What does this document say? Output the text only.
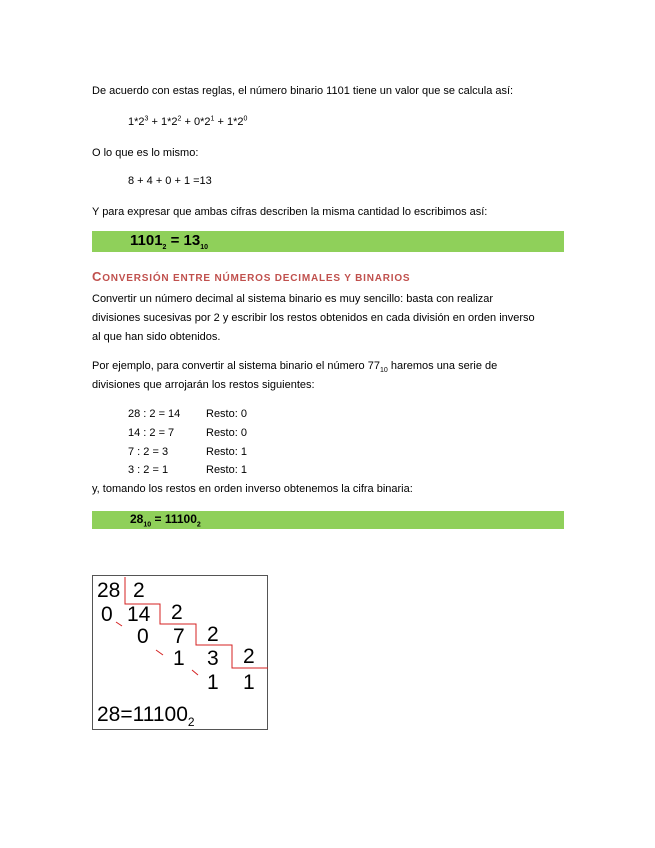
De acuerdo con estas reglas, el número binario 1101 tiene un valor que se calcula así:
$1*2^3 + 1*2^2 + 0*2^1 + 1*2^0$
O lo que es lo mismo:
8 + 4 + 0 + 1 =13
Y para expresar que ambas cifras describen la misma cantidad lo escribimos así:
$1101_2 = 13_{10}$
CONVERSIÓN ENTRE NÚMEROS DECIMALES Y BINARIOS
Convertir un número decimal al sistema binario es muy sencillo: basta con realizar
divisiones sucesivas por 2 y escribir los restos obtenidos en cada división en orden inverso
al que han sido obtenidos.
Por ejemplo, para convertir al sistema binario el número $77_{10}$ haremos una serie de
divisiones que arrojarán los restos siguientes:
28 : 2 = 14 Resto: 0
14 : 2 = 7	Resto: 0
7 : 2 = 3	Resto: 1
3 : 2 = 1	Resto: 1
y, tomando los restos en orden inverso obtenemos la cifra binaria:
$28_{10} = 11100_2$
28 2
0 14 2
0 7 2
1 3 2
1 1
$28=11100_2$
